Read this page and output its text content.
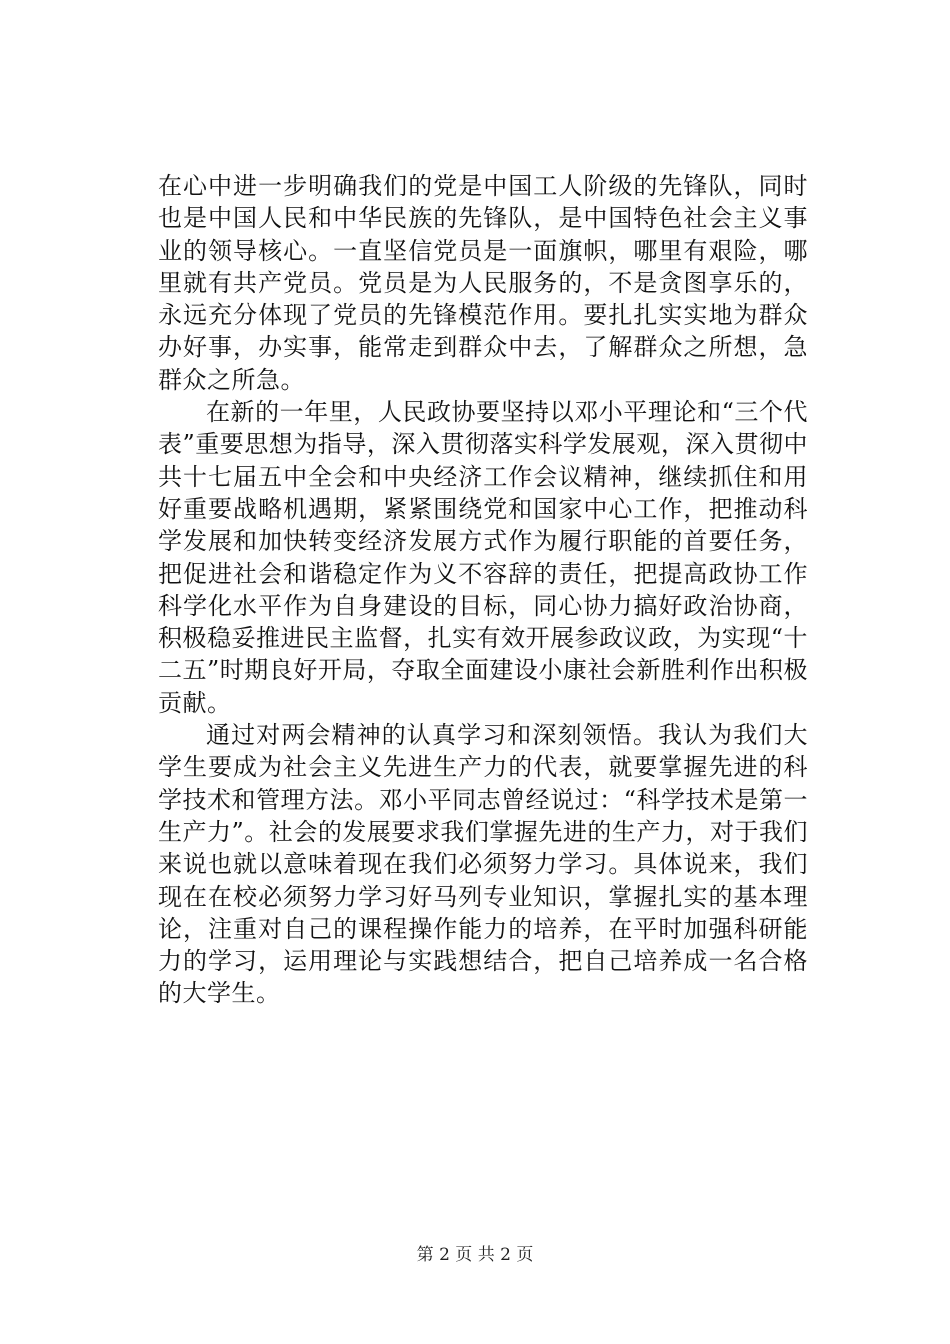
在心中进一步明确我们的党是中国工人阶级的先锋队，同时也是中国人民和中华民族的先锋队，是中国特色社会主义事业的领导核心。一直坚信党员是一面旗帜，哪里有艰险，哪里就有共产党员。党员是为人民服务的，不是贪图享乐的，永远充分体现了党员的先锋模范作用。要扎扎实实地为群众办好事，办实事，能常走到群众中去，了解群众之所想，急群众之所急。

在新的一年里，人民政协要坚持以邓小平理论和“三个代表”重要思想为指导，深入贯彻落实科学发展观，深入贯彻中共十七届五中全会和中央经济工作会议精神，继续抓住和用好重要战略机遇期，紧紧围绕党和国家中心工作，把推动科学发展和加快转变经济发展方式作为履行职能的首要任务，把促进社会和谐稳定作为义不容辞的责任，把提高政协工作科学化水平作为自身建设的目标，同心协力搞好政治协商，积极稳妥推进民主监督，扎实有效开展参政议政，为实现“十二五”时期良好开局，夺取全面建设小康社会新胜利作出积极贡献。

通过对两会精神的认真学习和深刻领悟。我认为我们大学生要成为社会主义先进生产力的代表，就要掌握先进的科学技术和管理方法。邓小平同志曾经说过：“科学技术是第一生产力”。社会的发展要求我们掌握先进的生产力，对于我们来说也就以意味着现在我们必须努力学习。具体说来，我们现在在校必须努力学习好马列专业知识，掌握扎实的基本理论，注重对自己的课程操作能力的培养，在平时加强科研能力的学习，运用理论与实践想结合，把自己培养成一名合格的大学生。

第 2 页 共 2 页
